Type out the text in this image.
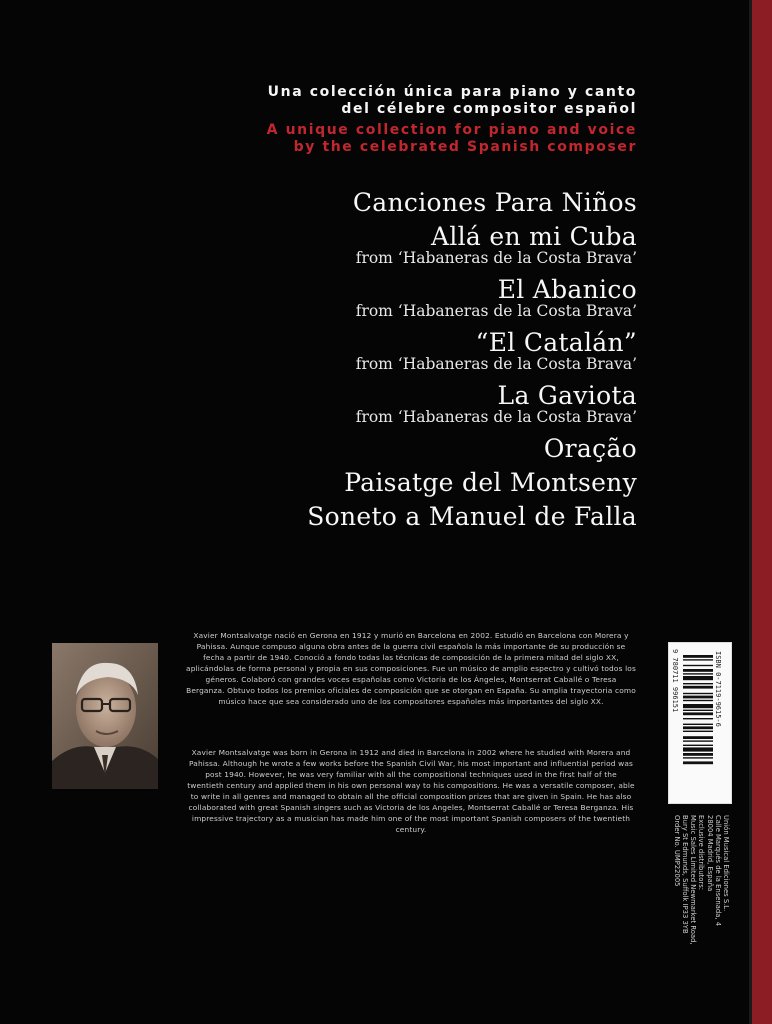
Una colección única para piano y canto
del célebre compositor español
A unique collection for piano and voice
by the celebrated Spanish composer
Canciones Para Niños
Allá en mi Cuba
from ‘Habaneras de la Costa Brava’
El Abanico
from ‘Habaneras de la Costa Brava’
“El Catalán”
from ‘Habaneras de la Costa Brava’
La Gaviota
from ‘Habaneras de la Costa Brava’
Oração
Paisatge del Montseny
Soneto a Manuel de Falla
Xavier Montsalvatge nació en Gerona en 1912 y murió en Barcelona en 2002. Estudió en Barcelona con Morera y Pahissa. Aunque compuso alguna obra antes de la guerra civil española la más importante de su producción se fecha a partir de 1940. Conoció a fondo todas las técnicas de composición de la primera mitad del siglo XX, aplicándolas de forma personal y propia en sus composiciones. Fue un músico de amplio espectro y cultivó todos los géneros. Colaboró con grandes voces españolas como Victoria de los Ángeles, Montserrat Caballé o Teresa Berganza. Obtuvo todos los premios oficiales de composición que se otorgan en España. Su amplia trayectoria como músico hace que sea considerado uno de los compositores españoles más importantes del siglo XX.
Xavier Montsalvatge was born in Gerona in 1912 and died in Barcelona in 2002 where he studied with Morera and Pahissa. Although he wrote a few works before the Spanish Civil War, his most important and influential period was post 1940. However, he was very familiar with all the compositional techniques used in the first half of the twentieth century and applied them in his own personal way to his compositions. He was a versatile composer, able to write in all genres and managed to obtain all the official composition prizes that are given in Spain. He has also collaborated with great Spanish singers such as Victoria de los Angeles, Montserrat Caballé or Teresa Berganza. His impressive trajectory as a musician has made him one of the most important Spanish composers of the twentieth century.
ISBN 0-7119-9615-6
9 780711 996151
Unión Musical Ediciones S.L.
Calle Marqués de la Ensenada, 4
28004 Madrid, España
Exclusive distributors:
Music Sales Limited Newmarket Road,
Bury St Edmunds, Suffolk IP33 3YB
Order No. UMP22005
